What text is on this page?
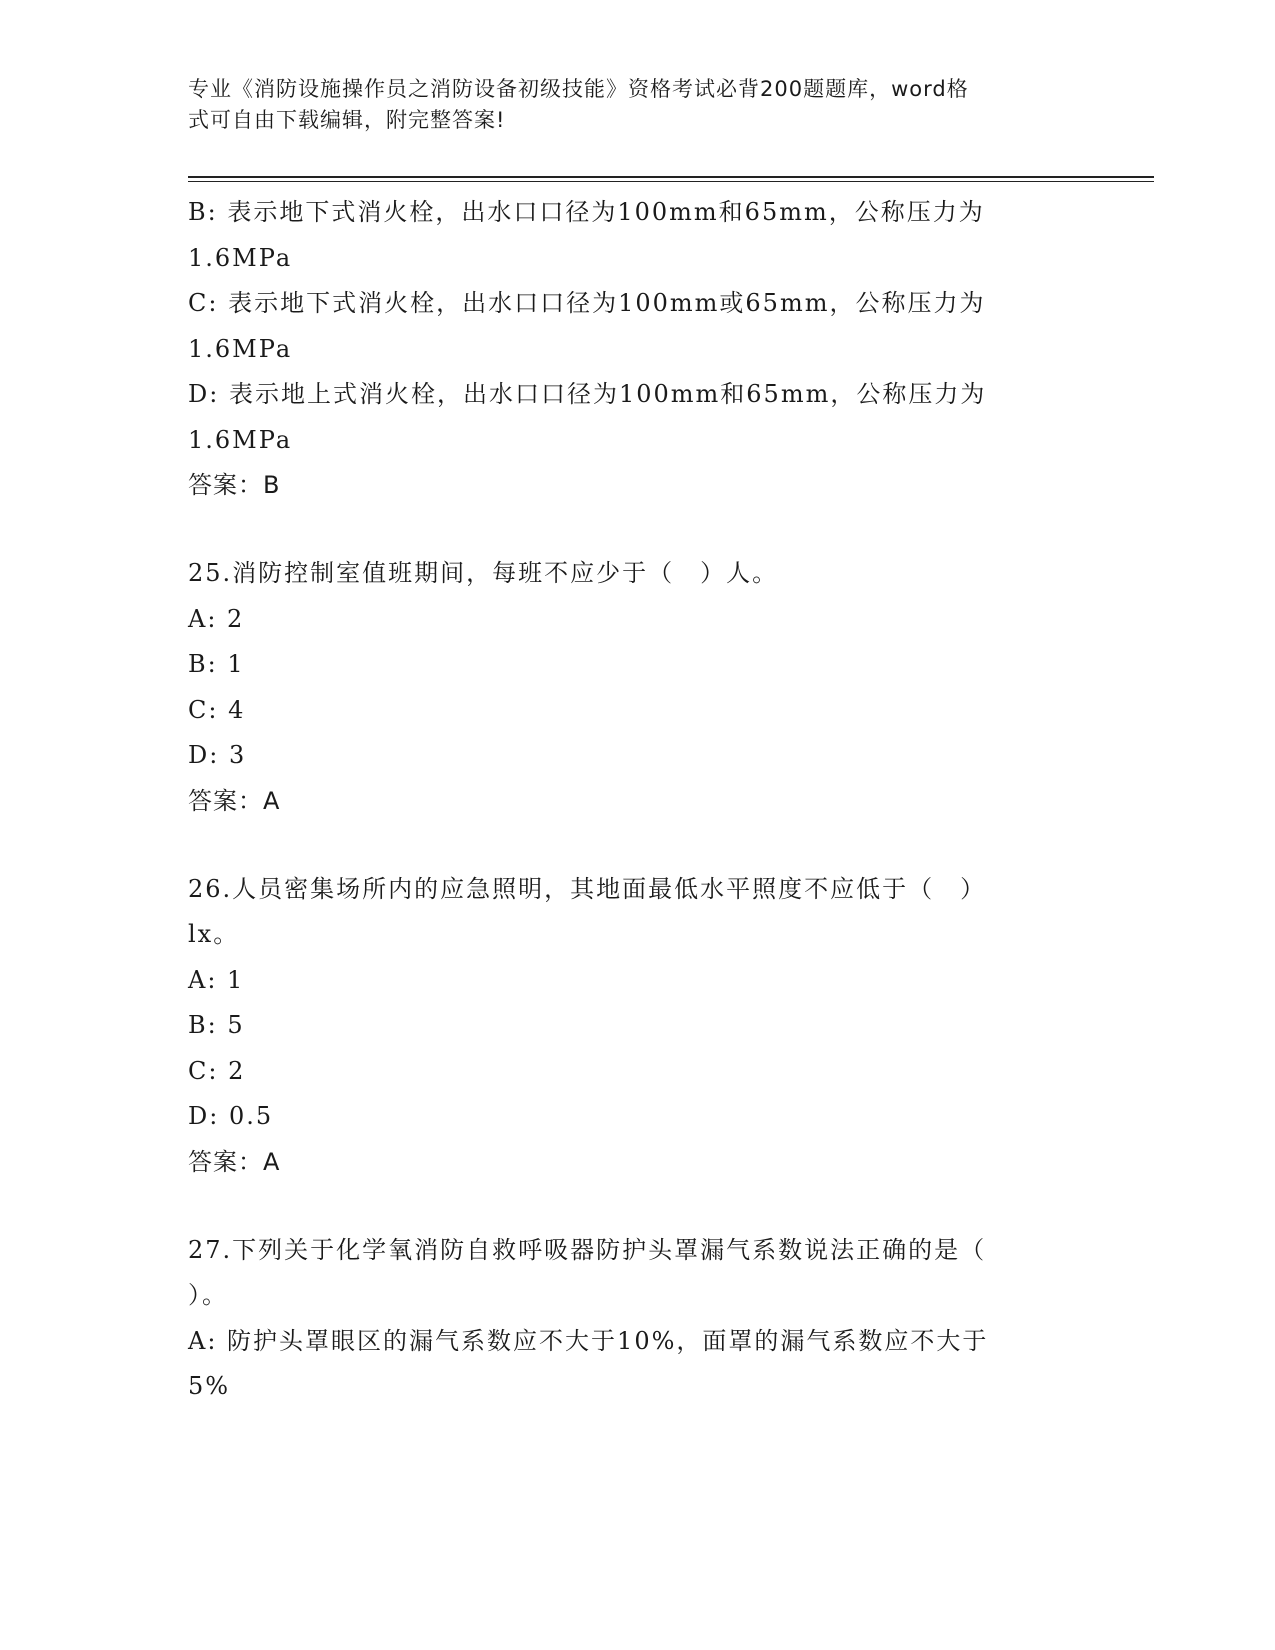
专业《消防设施操作员之消防设备初级技能》资格考试必背200题题库，word格
式可自由下载编辑，附完整答案!
B: 表示地下式消火栓，出水口口径为100mm和65mm，公称压力为
1.6MPa
C: 表示地下式消火栓，出水口口径为100mm或65mm，公称压力为
1.6MPa
D: 表示地上式消火栓，出水口口径为100mm和65mm，公称压力为
1.6MPa
答案：B
25.消防控制室值班期间，每班不应少于（　）人。
A: 2
B: 1
C: 4
D: 3
答案：A
26.人员密集场所内的应急照明，其地面最低水平照度不应低于（　）
lx。
A: 1
B: 5
C: 2
D: 0.5
答案：A
27.下列关于化学氧消防自救呼吸器防护头罩漏气系数说法正确的是（
）。
A: 防护头罩眼区的漏气系数应不大于10%，面罩的漏气系数应不大于
5%
